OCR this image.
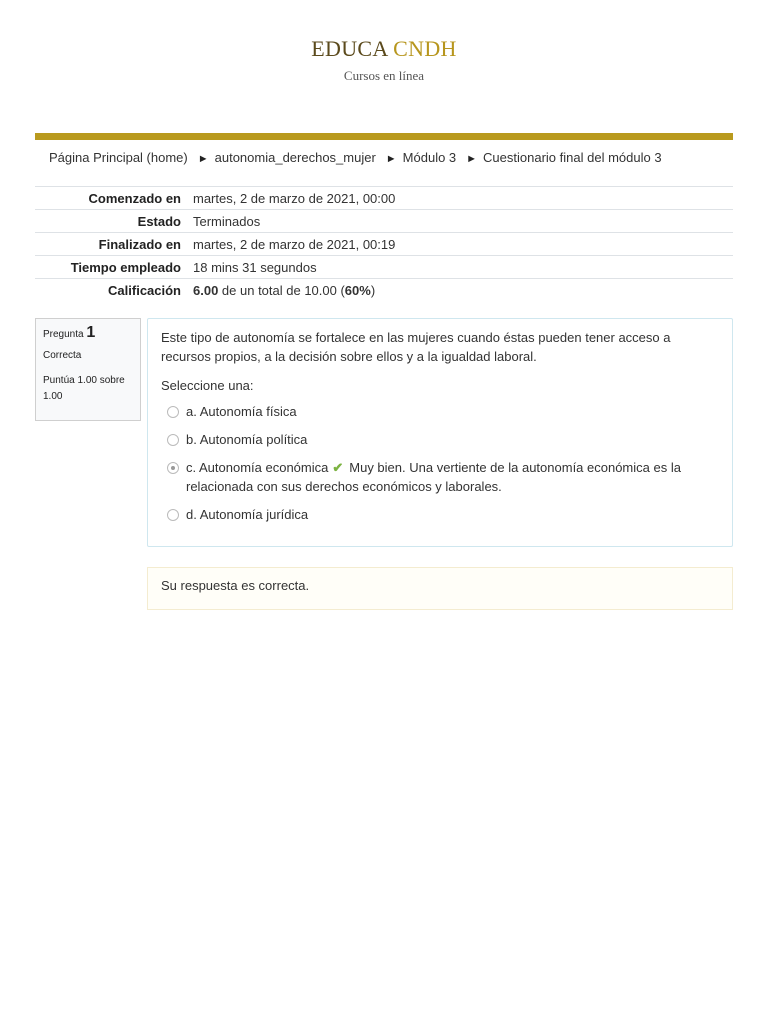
EDUCA CNDH
Cursos en línea
Página Principal (home) ► autonomia_derechos_mujer ► Módulo 3 ► Cuestionario final del módulo 3
Comenzado en	martes, 2 de marzo de 2021, 00:00
Estado	Terminados
Finalizado en	martes, 2 de marzo de 2021, 00:19
Tiempo empleado	18 mins 31 segundos
Calificación	6.00 de un total de 10.00 (60%)
Pregunta 1
Correcta
Puntúa 1.00 sobre 1.00
Este tipo de autonomía se fortalece en las mujeres cuando éstas pueden tener acceso a recursos propios, a la decisión sobre ellos y a la igualdad laboral.
Seleccione una:
a. Autonomía física
b. Autonomía política
c. Autonomía económica ✔ Muy bien. Una vertiente de la autonomía económica es la relacionada con sus derechos económicos y laborales.
d. Autonomía jurídica
Su respuesta es correcta.
